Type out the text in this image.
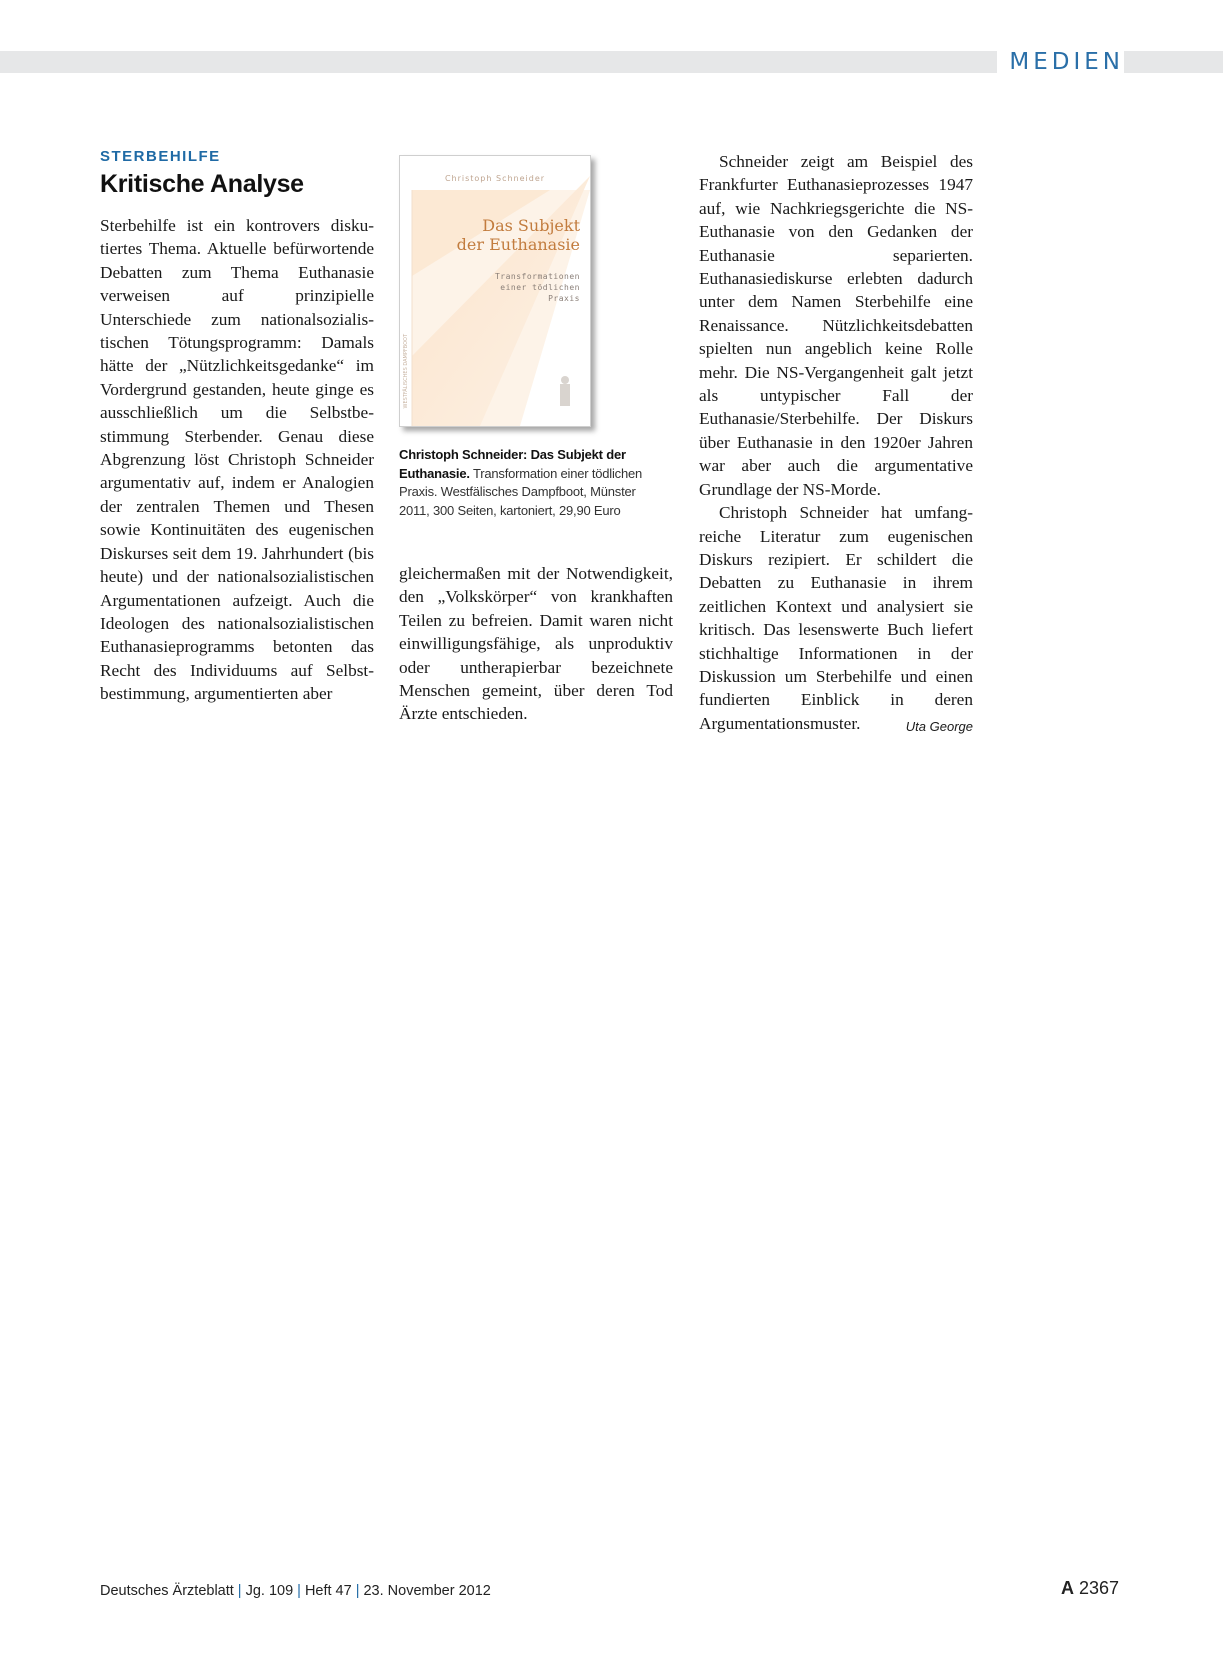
MEDIEN
STERBEHILFE
Kritische Analyse

Sterbehilfe ist ein kontrovers diskutiertes Thema. Aktuelle befürwortende Debatten zum Thema Euthanasie verweisen auf prinzipielle Unterschiede zum nationalsozialistischen Tötungsprogramm: Damals hätte der „Nützlichkeitsgedanke“ im Vordergrund gestanden, heute ginge es ausschließlich um die Selbstbestimmung Sterbender. Genau diese Abgrenzung löst Christoph Schneider argumentativ auf, indem er Analogien der zentralen Themen und Thesen sowie Kontinuitäten des eugenischen Diskurses seit dem 19. Jahrhundert (bis heute) und der nationalsozialistischen Argumentationen aufzeigt. Auch die Ideologen des nationalsozialistischen Euthanasieprogramms betonten das Recht des Individuums auf Selbstbestimmung, argumentierten aber

Christoph Schneider
Das Subjekt
der Euthanasie
Transformationen
einer tödlichen
Praxis
WESTFÄLISCHES DAMPFBOOT
Christoph Schneider: Das Subjekt der Euthanasie. Transformation einer tödlichen Praxis. Westfälisches Dampfboot, Münster 2011, 300 Seiten, kartoniert, 29,90 Euro

gleichermaßen mit der Notwendigkeit, den „Volkskörper“ von krankhaften Teilen zu befreien. Damit waren nicht einwilligungsfähige, als unproduktiv oder untherapierbar bezeichnete Menschen gemeint, über deren Tod Ärzte entschieden.

Schneider zeigt am Beispiel des Frankfurter Euthanasieprozesses 1947 auf, wie Nachkriegsgerichte die NS-Euthanasie von den Gedanken der Euthanasie separierten. Euthanasiediskurse erlebten dadurch unter dem Namen Sterbehilfe eine Renaissance. Nützlichkeitsdebatten spielten nun angeblich keine Rolle mehr. Die NS-Vergangenheit galt jetzt als untypischer Fall der Euthanasie/Sterbehilfe. Der Diskurs über Euthanasie in den 1920er Jahren war aber auch die argumentative Grundlage der NS-Morde.

Christoph Schneider hat umfangreiche Literatur zum eugenischen Diskurs rezipiert. Er schildert die Debatten zu Euthanasie in ihrem zeitlichen Kontext und analysiert sie kritisch. Das lesenswerte Buch liefert stichhaltige Informationen in der Diskussion um Sterbehilfe und einen fundierten Einblick in deren Argumentationsmuster.	Uta George

Deutsches Ärzteblatt | Jg. 109 | Heft 47 | 23. November 2012	A 2367
